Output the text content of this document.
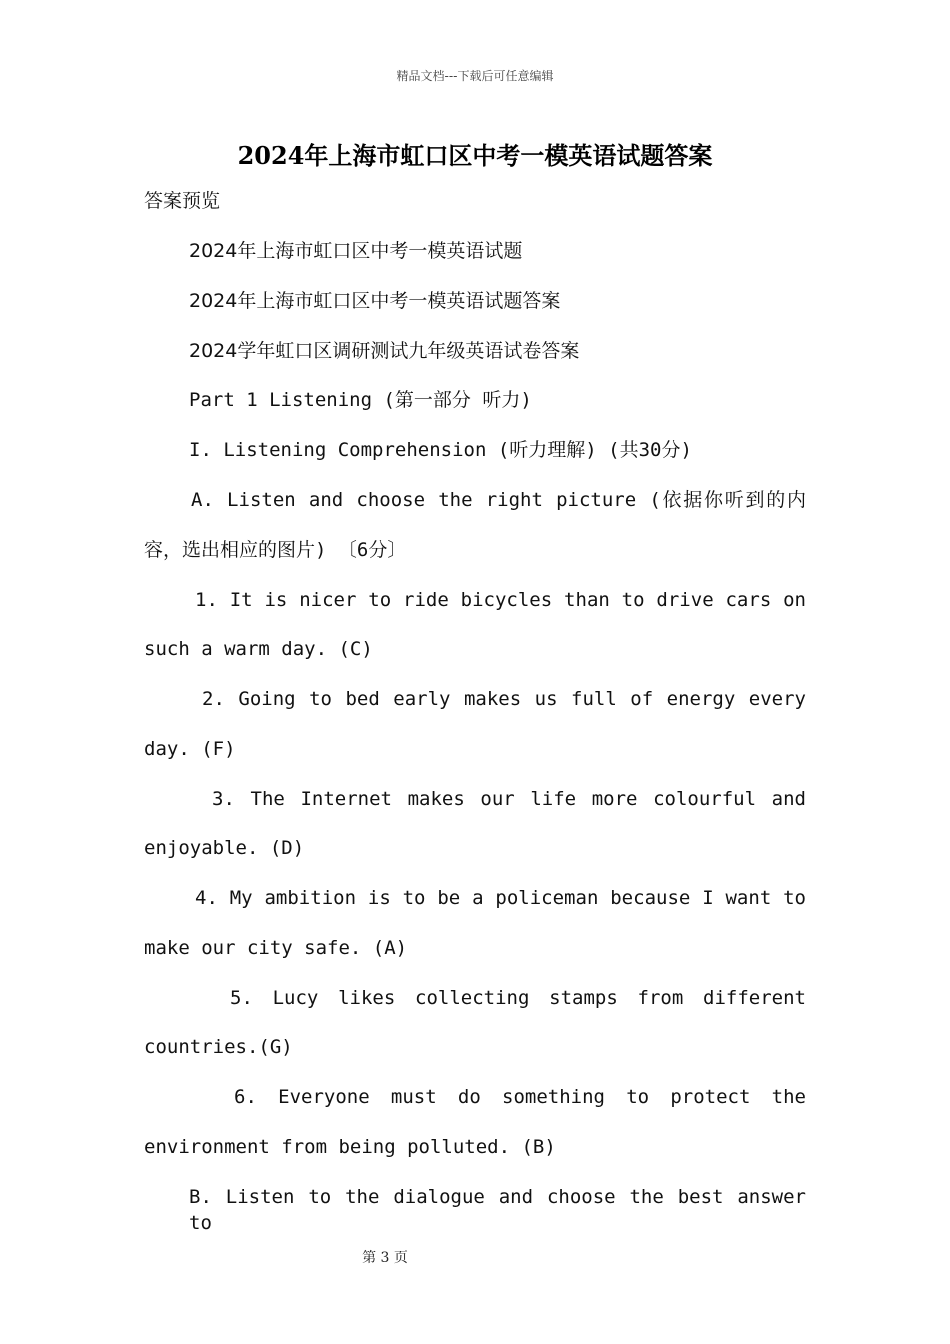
精品文档---下载后可任意编辑
2024年上海市虹口区中考一模英语试题答案
答案预览
2024年上海市虹口区中考一模英语试题
2024年上海市虹口区中考一模英语试题答案
2024学年虹口区调研测试九年级英语试卷答案
Part 1 Listening (第一部分 听力)
I. Listening Comprehension (听力理解) (共30分)
A. Listen and choose the right picture (依据你听到的内
容，选出相应的图片) 〔6分〕
1. It is nicer to ride bicycles than to drive cars on
such a warm day. (C)
2. Going to bed early makes us full of energy every
day. (F)
3. The Internet makes our life more colourful and
enjoyable. (D)
4. My ambition is to be a policeman because I want to
make our city safe. (A)
5. Lucy likes collecting stamps from different
countries.(G)
6. Everyone must do something to protect the
environment from being polluted. (B)
B. Listen to the dialogue and choose the best answer to
第 3 页
